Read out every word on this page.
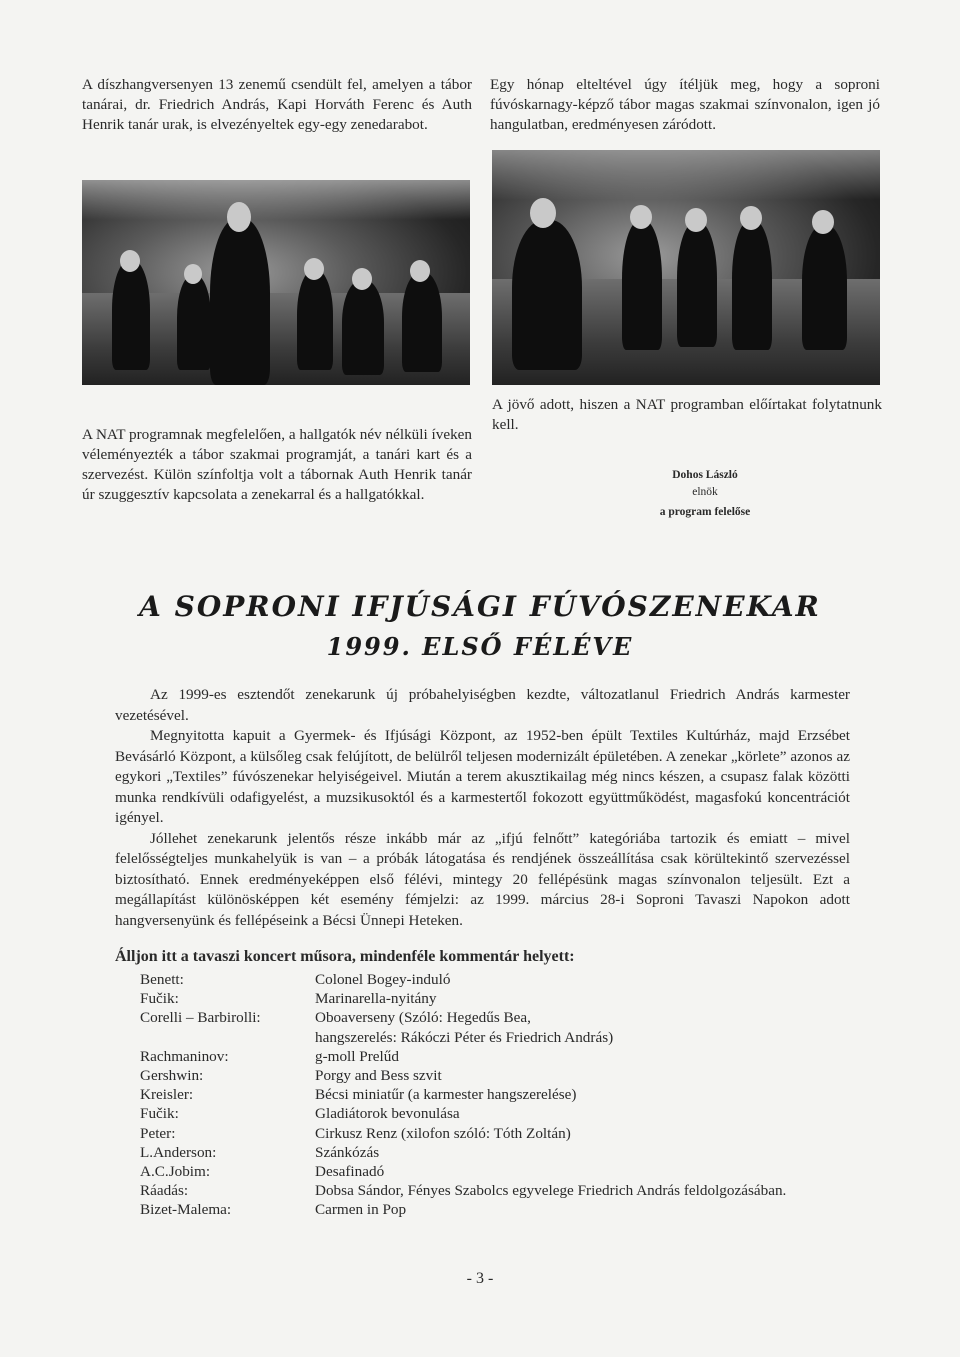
A díszhangversenyen 13 zenemű csendült fel, amelyen a tábor tanárai, dr. Friedrich András, Kapi Horváth Ferenc és Auth Henrik tanár urak, is elvezényeltek egy-egy zenedarabot.

Egy hónap elteltével úgy ítéljük meg, hogy a soproni fúvóskarnagy-képző tábor magas szakmai színvonalon, igen jó hangulatban, eredményesen záródott.

A NAT programnak megfelelően, a hallgatók név nélküli íveken véleményezték a tábor szakmai programját, a tanári kart és a szervezést. Külön színfoltja volt a tábornak Auth Henrik tanár úr szuggesztív kapcsolata a zenekarral és a hallgatókkal.

A jövő adott, hiszen a NAT programban előírtakat folytatnunk kell.

Dohos László
elnök
a program felelőse
A SOPRONI IFJÚSÁGI FÚVÓSZENEKAR
1999. ELSŐ FÉLÉVE

Az 1999-es esztendőt zenekarunk új próbahelyiségben kezdte, változatlanul Friedrich András karmester vezetésével.

Megnyitotta kapuit a Gyermek- és Ifjúsági Központ, az 1952-ben épült Textiles Kultúrház, majd Erzsébet Bevásárló Központ, a külsőleg csak felújított, de belülről teljesen modernizált épületében. A zenekar „körlete” azonos az egykori „Textiles” fúvószenekar helyiségeivel. Miután a terem akusztikailag még nincs készen, a csupasz falak közötti munka rendkívüli odafigyelést, a muzsikusoktól és a karmestertől fokozott együttműködést, magasfokú koncentrációt igényel.

Jóllehet zenekarunk jelentős része inkább már az „ifjú felnőtt” kategóriába tartozik és emiatt – mivel felelősségteljes munkahelyük is van – a próbák látogatása és rendjének összeállítása csak körültekintő szervezéssel biztosítható. Ennek eredményeképpen első félévi, mintegy 20 fellépésünk magas színvonalon teljesült. Ezt a megállapítást különösképpen két esemény fémjelzi: az 1999. március 28-i Soproni Tavaszi Napokon adott hangversenyünk és fellépéseink a Bécsi Ünnepi Heteken.

Álljon itt a tavaszi koncert műsora, mindenféle kommentár helyett:
Benett:	Colonel Bogey-induló
Fučik:	Marinarella-nyitány
Corelli – Barbirolli:	Oboaverseny (Szóló: Hegedűs Bea,
hangszerelés: Rákóczi Péter és Friedrich András)
Rachmaninov:	g-moll Prelűd
Gershwin:	Porgy and Bess szvit
Kreisler:	Bécsi miniatűr (a karmester hangszerelése)
Fučik:	Gladiátorok bevonulása
Peter:	Cirkusz Renz (xilofon szóló: Tóth Zoltán)
L.Anderson:	Szánkózás
A.C.Jobim:	Desafinadó
Ráadás:	Dobsa Sándor, Fényes Szabolcs egyvelege Friedrich András feldolgozásában.
Bizet-Malema:	Carmen in Pop
- 3 -
